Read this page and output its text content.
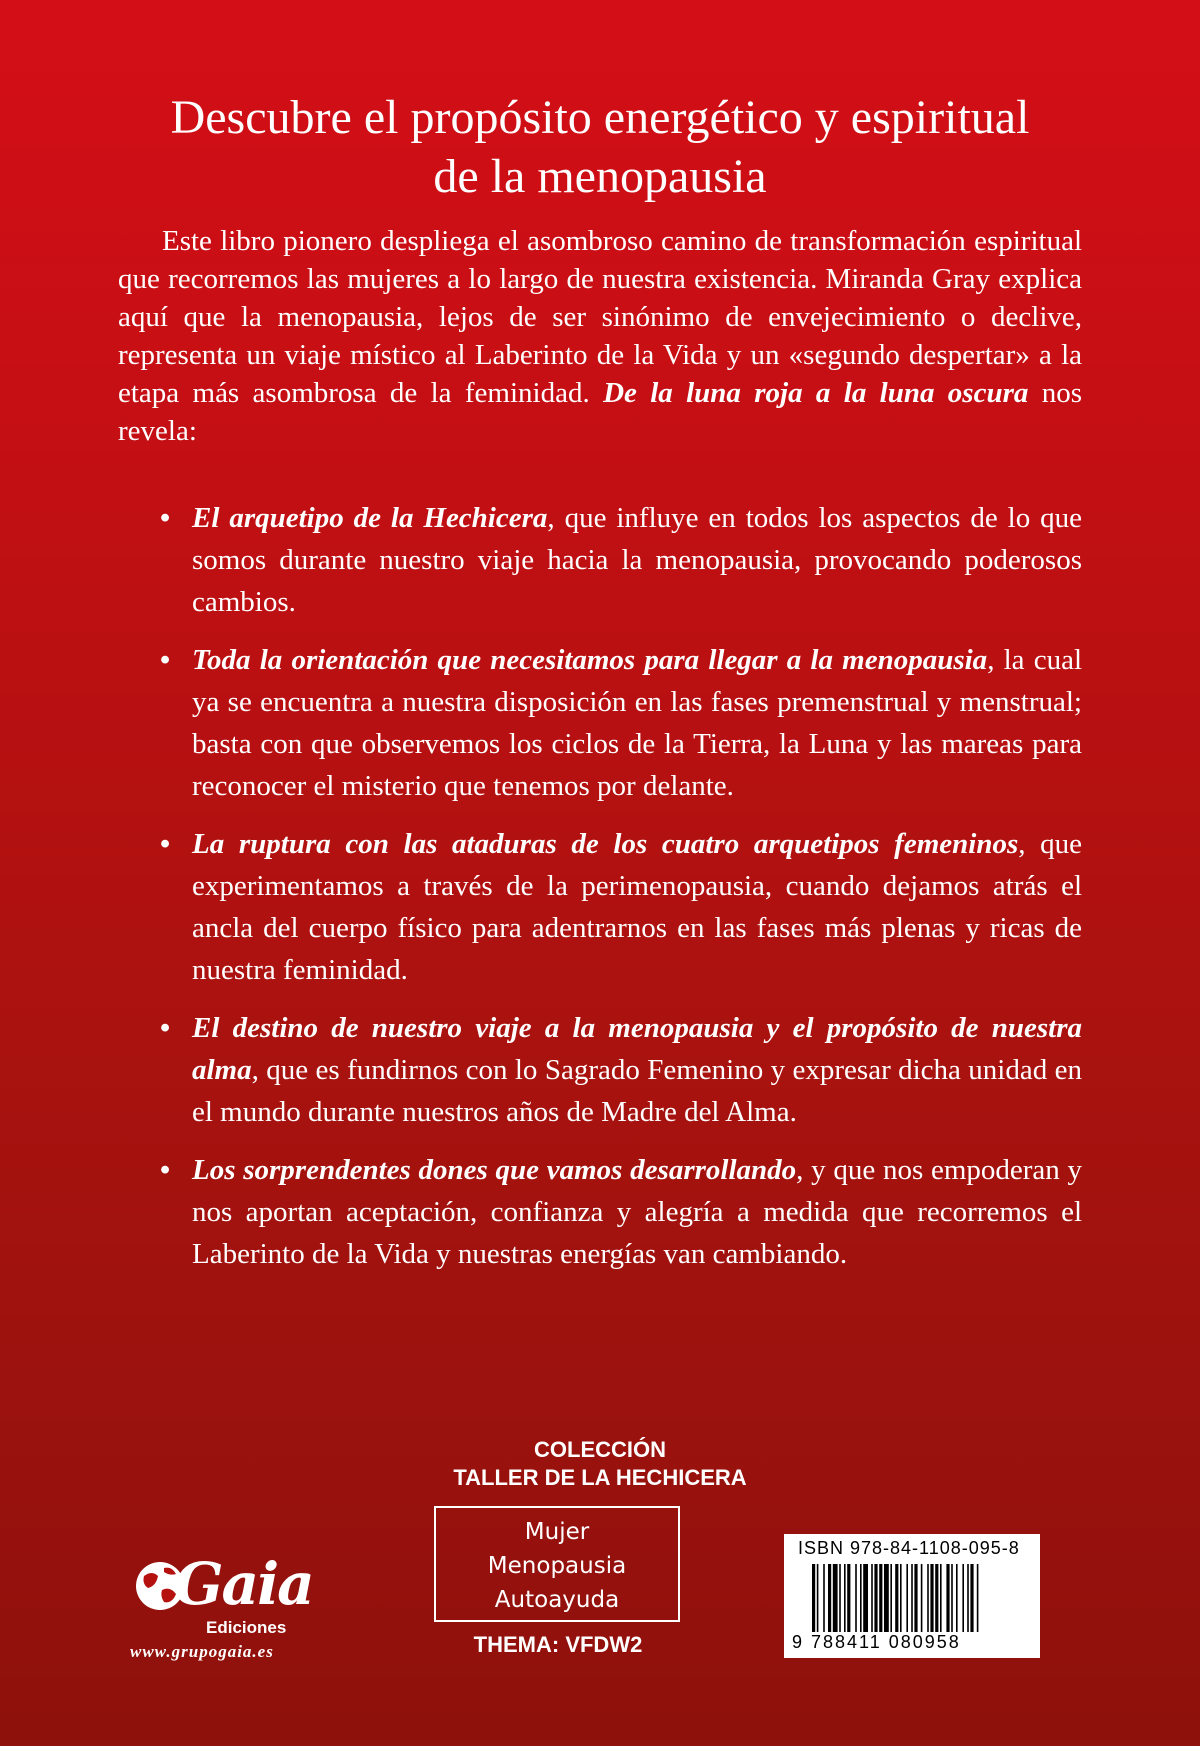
Descubre el propósito energético y espiritual
de la menopausia

Este libro pionero despliega el asombroso camino de transformación espiritual que recorremos las mujeres a lo largo de nuestra existencia. Miranda Gray explica aquí que la menopausia, lejos de ser sinónimo de envejecimiento o declive, representa un viaje místico al Laberinto de la Vida y un «segundo despertar» a la etapa más asombrosa de la feminidad. De la luna roja a la luna oscura nos revela:

• El arquetipo de la Hechicera, que influye en todos los aspectos de lo que somos durante nuestro viaje hacia la menopausia, provocando poderosos cambios.
• Toda la orientación que necesitamos para llegar a la menopausia, la cual ya se encuentra a nuestra disposición en las fases premenstrual y menstrual; basta con que observemos los ciclos de la Tierra, la Luna y las mareas para reconocer el misterio que tenemos por delante.
• La ruptura con las ataduras de los cuatro arquetipos femeninos, que experimentamos a través de la perimenopausia, cuando dejamos atrás el ancla del cuerpo físico para adentrarnos en las fases más plenas y ricas de nuestra feminidad.
• El destino de nuestro viaje a la menopausia y el propósito de nuestra alma, que es fundirnos con lo Sagrado Femenino y expresar dicha unidad en el mundo durante nuestros años de Madre del Alma.
• Los sorprendentes dones que vamos desarrollando, y que nos empoderan y nos aportan aceptación, confianza y alegría a medida que recorremos el Laberinto de la Vida y nuestras energías van cambiando.
COLECCIÓN
TALLER DE LA HECHICERA
Mujer
Menopausia
Autoayuda
THEMA: VFDW2
Gaia
Ediciones
www.grupogaia.es
ISBN 978-84-1108-095-8
9 788411 080958
